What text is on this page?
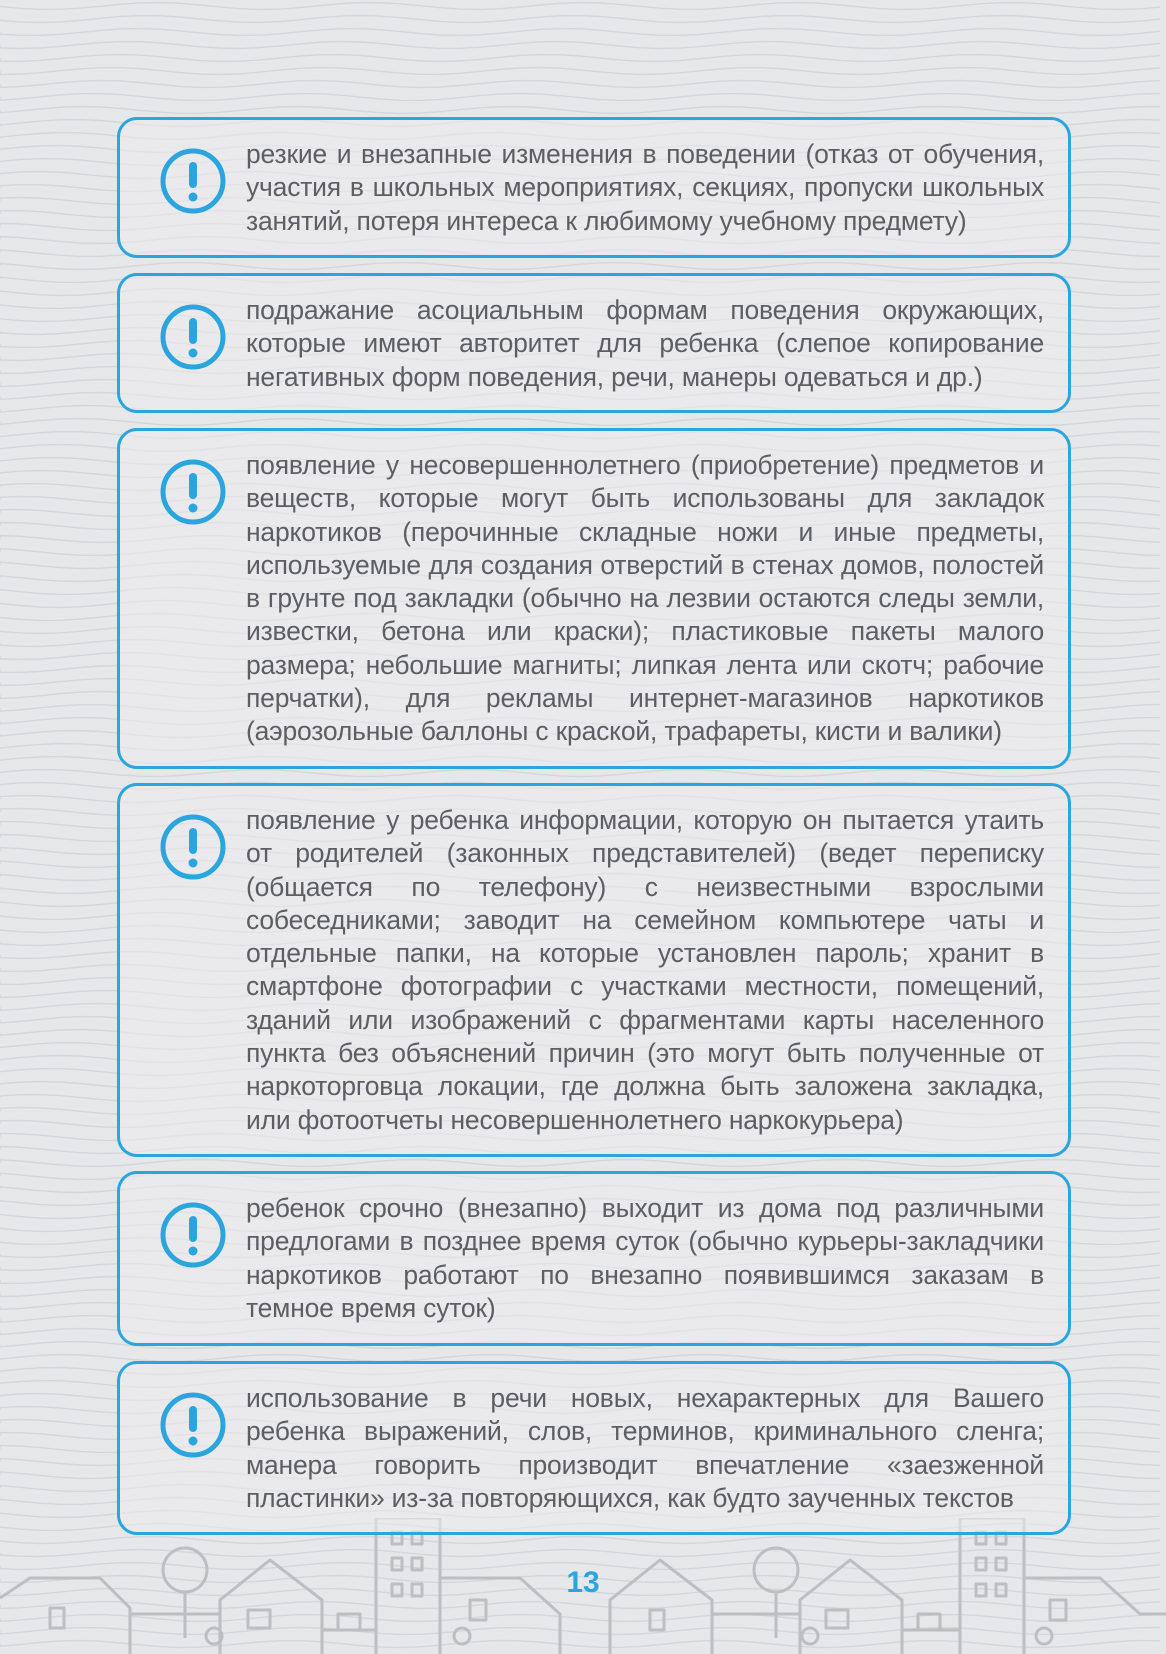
резкие и внезапные изменения в поведении (отказ от обучения, участия в школьных мероприятиях, секциях, пропуски школьных занятий, потеря интереса к любимому учебному предмету)

подражание асоциальным формам поведения окружающих, которые имеют авторитет для ребенка (слепое копирование негативных форм поведения, речи, манеры одеваться и др.)

появление у несовершеннолетнего (приобретение) предметов и веществ, которые могут быть использованы для закладок наркотиков (перочинные складные ножи и иные предметы, используемые для создания отверстий в стенах домов, полостей в грунте под закладки (обычно на лезвии остаются следы земли, известки, бетона или краски); пластиковые пакеты малого размера; небольшие магниты; липкая лента или скотч; рабочие перчатки), для рекламы интернет-магазинов наркотиков (аэрозольные баллоны с краской, трафареты, кисти и валики)

появление у ребенка информации, которую он пытается утаить от родителей (законных представителей) (ведет переписку (общается по телефону) с неизвестными взрослыми собеседниками; заводит на семейном компьютере чаты и отдельные папки, на которые установлен пароль; хранит в смартфоне фотографии с участками местности, помещений, зданий или изображений с фрагментами карты населенного пункта без объяснений причин (это могут быть полученные от наркоторговца локации, где должна быть заложена закладка, или фотоотчеты несовершеннолетнего наркокурьера)

ребенок срочно (внезапно) выходит из дома под различными предлогами в позднее время суток (обычно курьеры-закладчики наркотиков работают по внезапно появившимся заказам в темное время суток)

использование в речи новых, нехарактерных для Вашего ребенка выражений, слов, терминов, криминального сленга; манера говорить производит впечатление «заезженной пластинки» из-за повторяющихся, как будто заученных текстов

13
